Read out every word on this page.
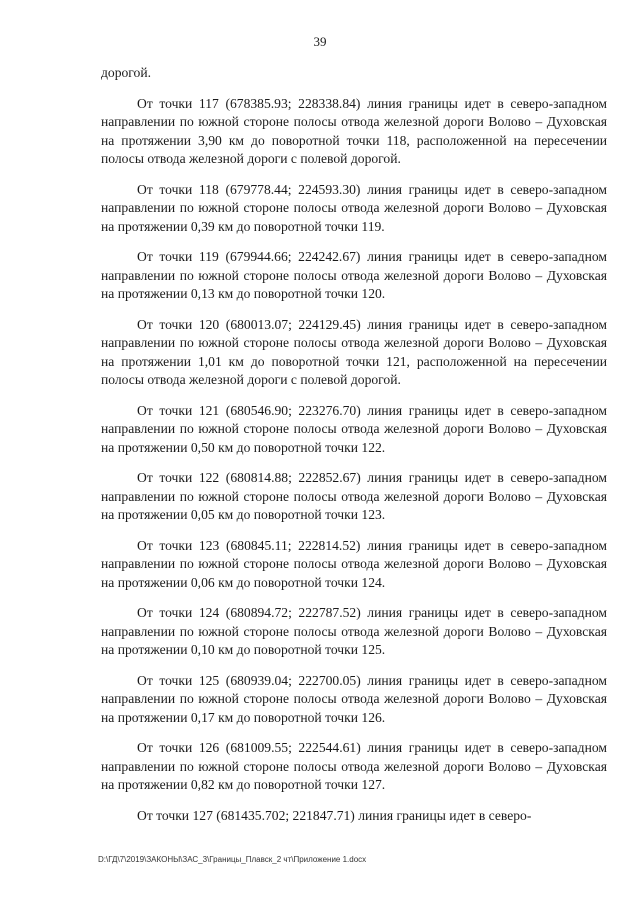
39

дорогой.

От точки 117 (678385.93; 228338.84) линия границы идет в северо-западном направлении по южной стороне полосы отвода железной дороги Волово – Духовская на протяжении 3,90 км до поворотной точки 118, расположенной на пересечении полосы отвода железной дороги с полевой дорогой.

От точки 118 (679778.44; 224593.30) линия границы идет в северо-западном направлении по южной стороне полосы отвода железной дороги Волово – Духовская на протяжении 0,39 км до поворотной точки 119.

От точки 119 (679944.66; 224242.67) линия границы идет в северо-западном направлении по южной стороне полосы отвода железной дороги Волово – Духовская на протяжении 0,13 км до поворотной точки 120.

От точки 120 (680013.07; 224129.45) линия границы идет в северо-западном направлении по южной стороне полосы отвода железной дороги Волово – Духовская на протяжении 1,01 км до поворотной точки 121, расположенной на пересечении полосы отвода железной дороги с полевой дорогой.

От точки 121 (680546.90; 223276.70) линия границы идет в северо-западном направлении по южной стороне полосы отвода железной дороги Волово – Духовская на протяжении 0,50 км до поворотной точки 122.

От точки 122 (680814.88; 222852.67) линия границы идет в северо-западном направлении по южной стороне полосы отвода железной дороги Волово – Духовская на протяжении 0,05 км до поворотной точки 123.

От точки 123 (680845.11; 222814.52) линия границы идет в северо-западном направлении по южной стороне полосы отвода железной дороги Волово – Духовская на протяжении 0,06 км до поворотной точки 124.

От точки 124 (680894.72; 222787.52) линия границы идет в северо-западном направлении по южной стороне полосы отвода железной дороги Волово – Духовская на протяжении 0,10 км до поворотной точки 125.

От точки 125 (680939.04; 222700.05) линия границы идет в северо-западном направлении по южной стороне полосы отвода железной дороги Волово – Духовская на протяжении 0,17 км до поворотной точки 126.

От точки 126 (681009.55; 222544.61) линия границы идет в северо-западном направлении по южной стороне полосы отвода железной дороги Волово – Духовская на протяжении 0,82 км до поворотной точки 127.

От точки 127 (681435.702; 221847.71) линия границы идет в северо-

D:\ГД\7\2019\ЗАКОНЫ\ЗАС_3\Границы_Плавск_2 чт\Приложение 1.docx
